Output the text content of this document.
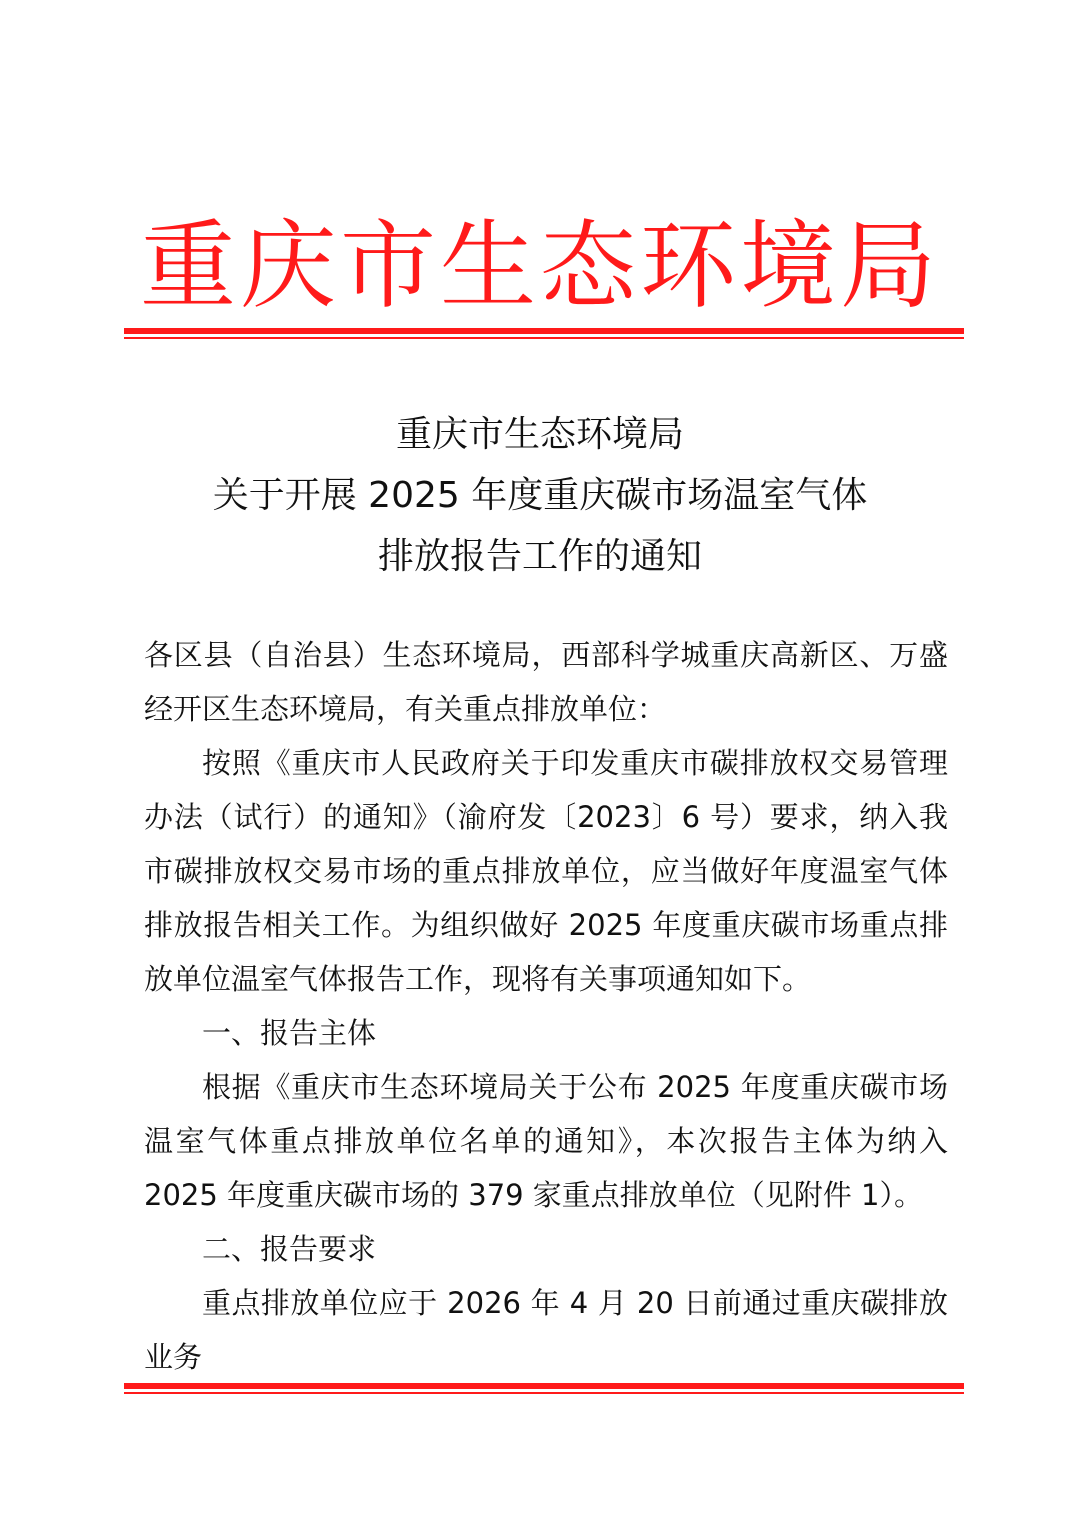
重庆市生态环境局
重庆市生态环境局
关于开展 2025 年度重庆碳市场温室气体
排放报告工作的通知

各区县（自治县）生态环境局，西部科学城重庆高新区、万盛经开区生态环境局，有关重点排放单位：

按照《重庆市人民政府关于印发重庆市碳排放权交易管理办法（试行）的通知》（渝府发〔2023〕6 号）要求，纳入我市碳排放权交易市场的重点排放单位，应当做好年度温室气体排放报告相关工作。为组织做好 2025 年度重庆碳市场重点排放单位温室气体报告工作，现将有关事项通知如下。

一、报告主体

根据《重庆市生态环境局关于公布 2025 年度重庆碳市场温室气体重点排放单位名单的通知》，本次报告主体为纳入 2025 年度重庆碳市场的 379 家重点排放单位（见附件 1）。

二、报告要求

重点排放单位应于 2026 年 4 月 20 日前通过重庆碳排放业务
